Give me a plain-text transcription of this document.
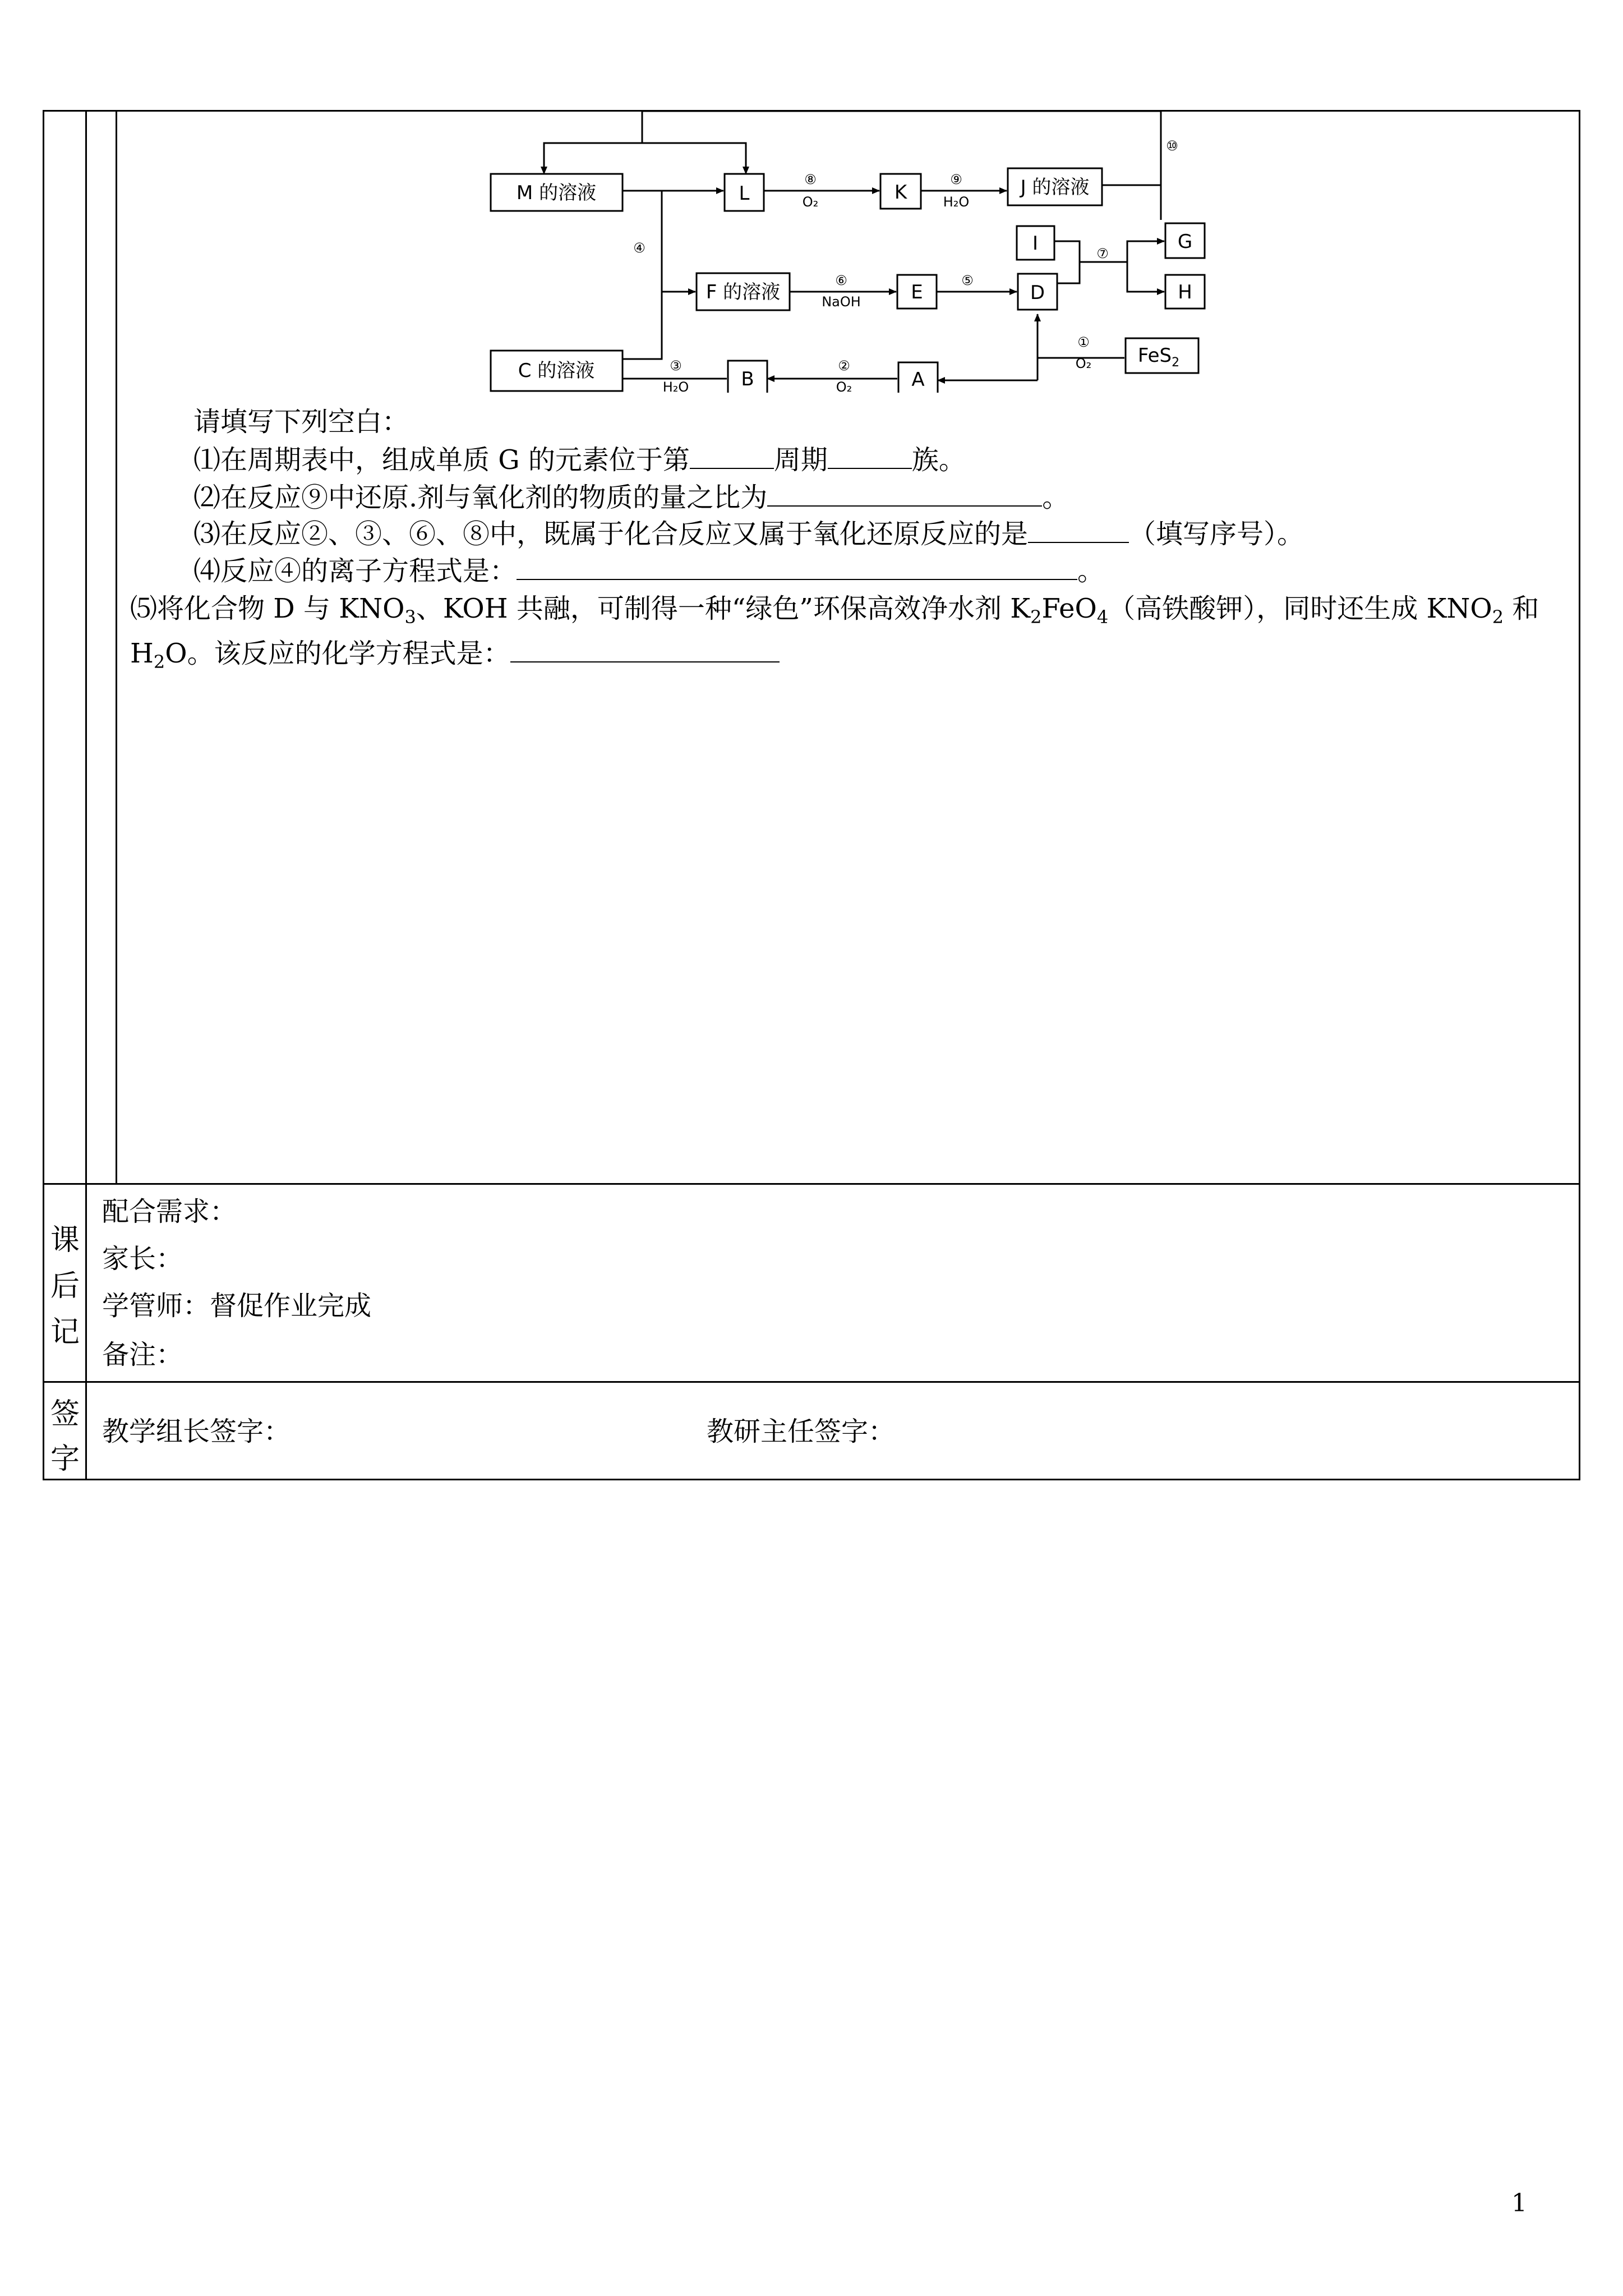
M 的溶液	L	K	J 的溶液
I	G
F 的溶液	E	D	H
C 的溶液	B	A
FeS$_2$
⑩
⑧
O₂
⑨
H₂O
④
⑥
NaOH
⑤
⑦
①
O₂
③
H₂O
②
O₂
请填写下列空白：
⑴在周期表中，组成单质 G 的元素位于第	周期	族。
⑵在反应⑨中还原.剂与氧化剂的物质的量之比为	。
⑶在反应②、③、⑥、⑧中，既属于化合反应又属于氧化还原反应的是	（填写序号）。
⑷反应④的离子方程式是：	。
⑸将化合物 D 与 $KNO_3$、KOH 共融，可制得一种“绿色”环保高效净水剂 $K_2FeO_4$（高铁酸钾），同时还生成 $KNO_2$ 和
$H_2O$。该反应的化学方程式是：
课
后
记
配合需求：
家长：
学管师：督促作业完成
备注：
签
字
教学组长签字：	教研主任签字：
1
